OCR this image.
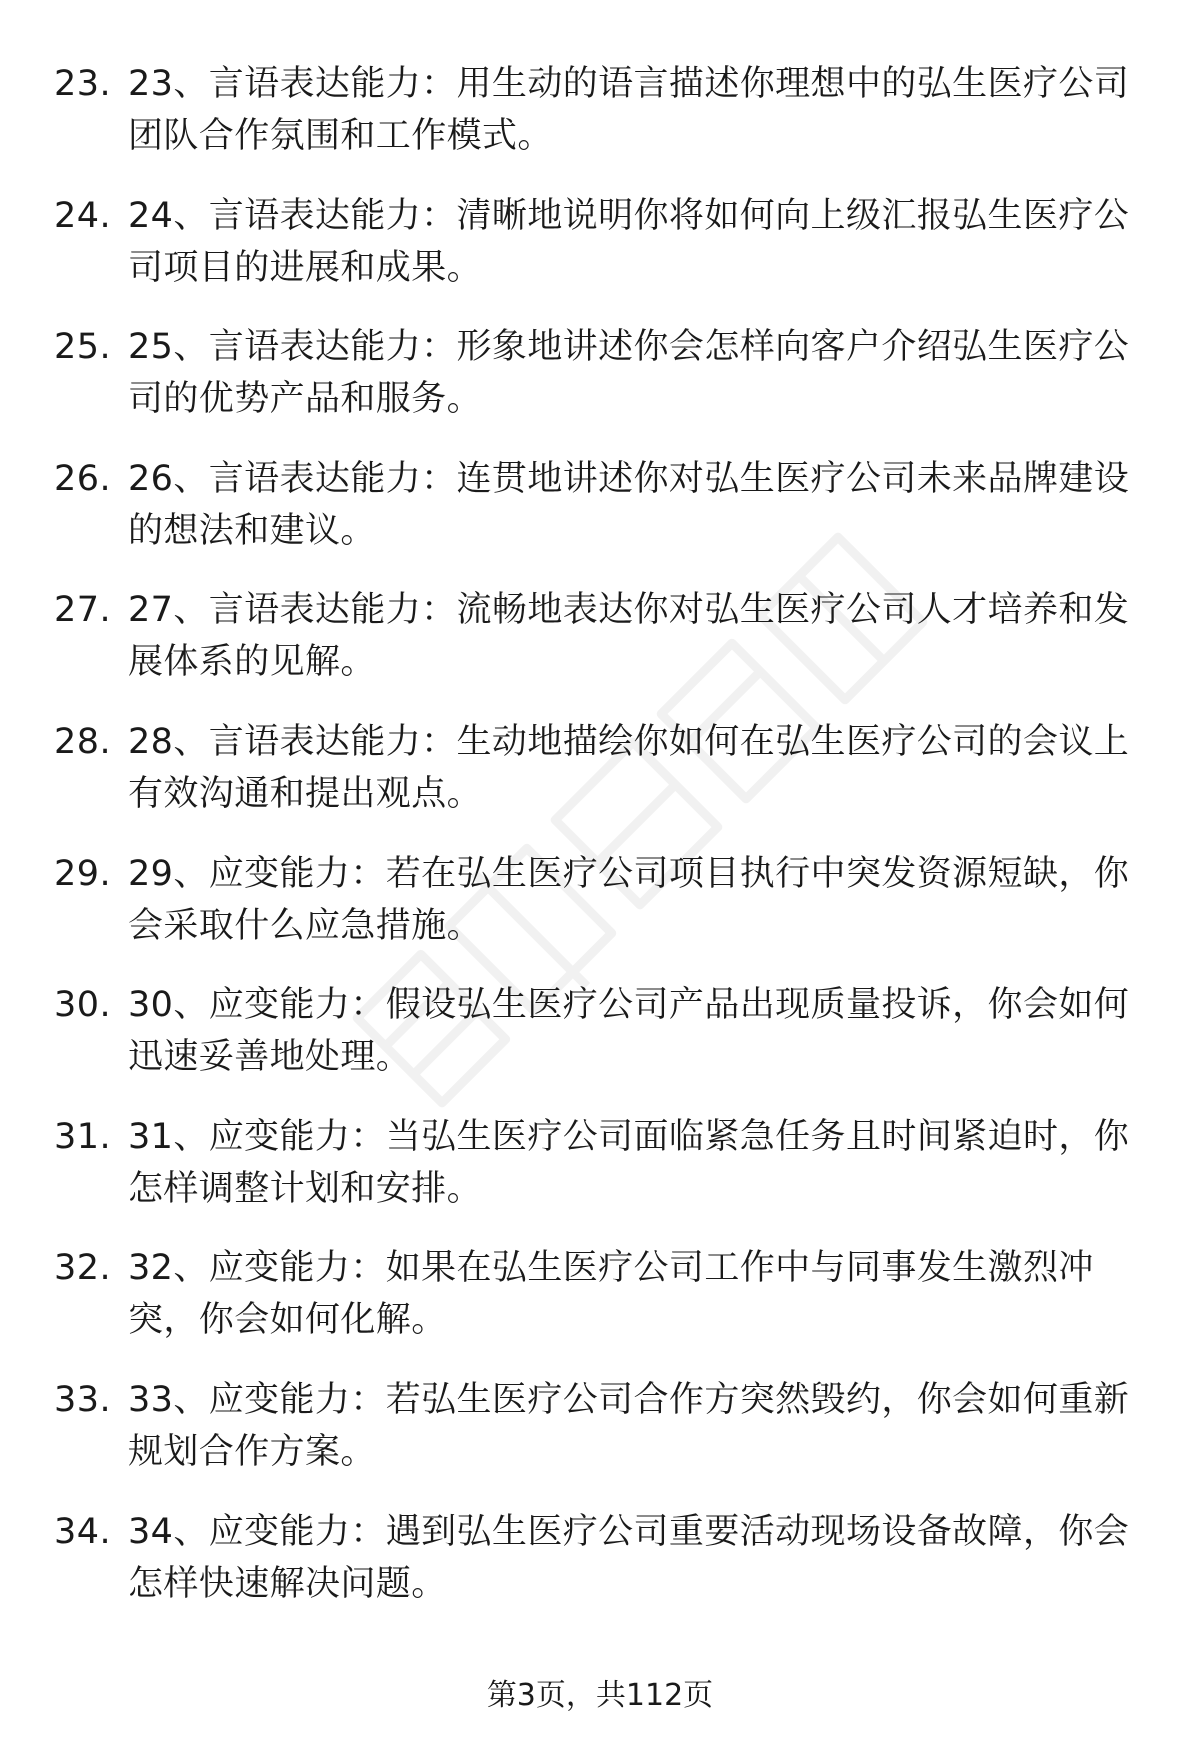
23. 23、言语表达能力：用生动的语言描述你理想中的弘生医疗公司团队合作氛围和工作模式。
24. 24、言语表达能力：清晰地说明你将如何向上级汇报弘生医疗公司项目的进展和成果。
25. 25、言语表达能力：形象地讲述你会怎样向客户介绍弘生医疗公司的优势产品和服务。
26. 26、言语表达能力：连贯地讲述你对弘生医疗公司未来品牌建设的想法和建议。
27. 27、言语表达能力：流畅地表达你对弘生医疗公司人才培养和发展体系的见解。
28. 28、言语表达能力：生动地描绘你如何在弘生医疗公司的会议上有效沟通和提出观点。
29. 29、应变能力：若在弘生医疗公司项目执行中突发资源短缺，你会采取什么应急措施。
30. 30、应变能力：假设弘生医疗公司产品出现质量投诉，你会如何迅速妥善地处理。
31. 31、应变能力：当弘生医疗公司面临紧急任务且时间紧迫时，你怎样调整计划和安排。
32. 32、应变能力：如果在弘生医疗公司工作中与同事发生激烈冲突，你会如何化解。
33. 33、应变能力：若弘生医疗公司合作方突然毁约，你会如何重新规划合作方案。
34. 34、应变能力：遇到弘生医疗公司重要活动现场设备故障，你会怎样快速解决问题。
第3页，共112页
